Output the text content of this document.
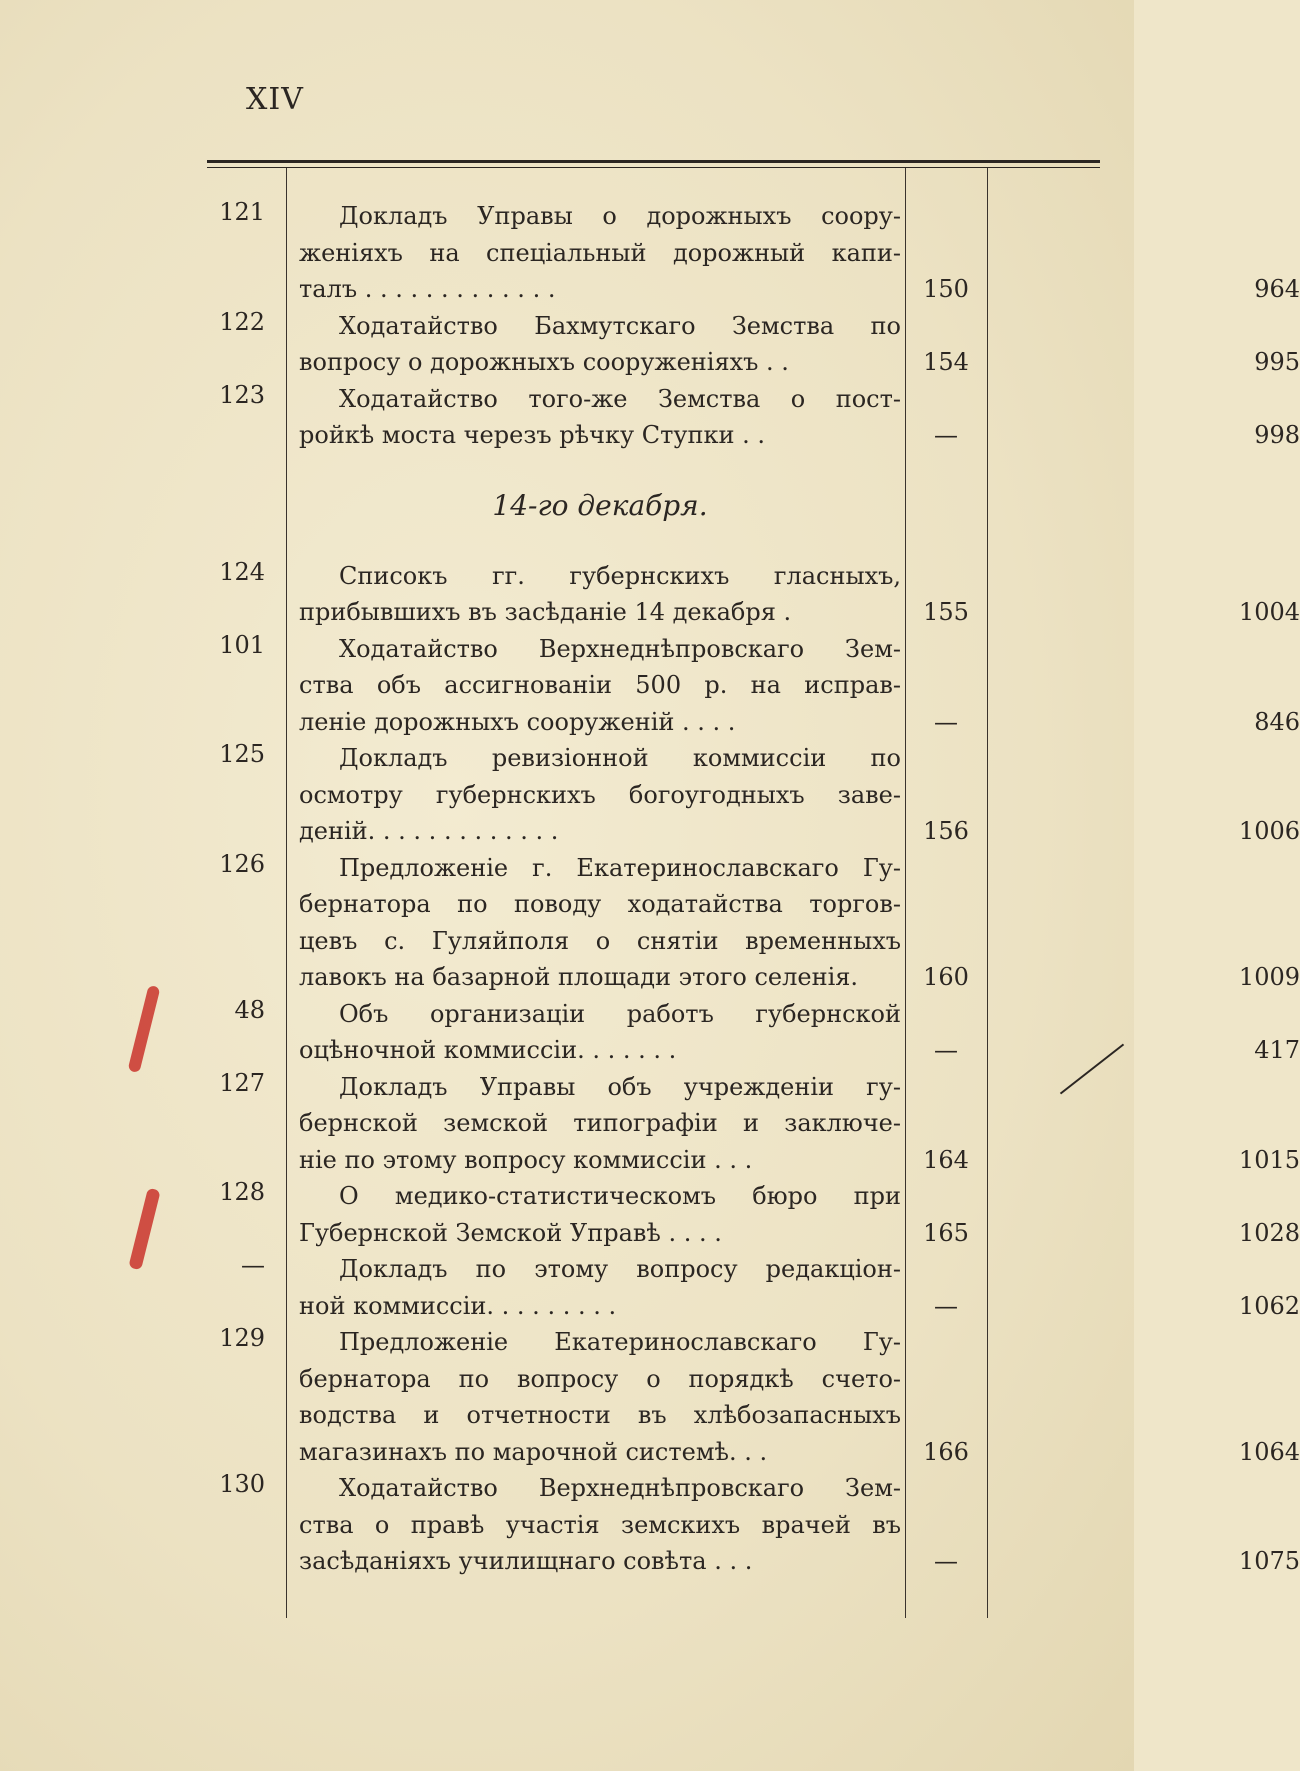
XIV
121	Докладъ Управы о дорожныхъ соору-
женіяхъ на спеціальный дорожный капи-
талъ . . . . . . . . . . . . .	150	964
122	Ходатайство Бахмутскаго Земства по
вопросу о дорожныхъ сооруженіяхъ . .	154	995
123	Ходатайство того-же Земства о пост-
ройкѣ моста черезъ рѣчку Ступки . .	—	998
14-го декабря.
124	Списокъ гг. губернскихъ гласныхъ,
прибывшихъ въ засѣданіе 14 декабря .	155	1004
101	Ходатайство Верхнеднѣпровскаго Зем-
ства объ ассигнованіи 500 р. на исправ-
леніе дорожныхъ сооруженій . . . .	—	846
125	Докладъ ревизіонной коммиссіи по
осмотру губернскихъ богоугодныхъ заве-
деній. . . . . . . . . . . . .	156	1006
126	Предложеніе г. Екатеринославскаго Гу-
бернатора по поводу ходатайства торгов-
цевъ с. Гуляйполя о снятіи временныхъ
лавокъ на базарной площади этого селенія.	160	1009
48	Объ организаціи работъ губернской
оцѣночной коммиссіи. . . . . . .	—	417
127	Докладъ Управы объ учрежденіи гу-
бернской земской типографіи и заключе-
ніе по этому вопросу коммиссіи . . .	164	1015
128	О медико-статистическомъ бюро при
Губернской Земской Управѣ . . . .	165	1028
—	Докладъ по этому вопросу редакціон-
ной коммиссіи. . . . . . . . .	—	1062
129	Предложеніе Екатеринославскаго Гу-
бернатора по вопросу о порядкѣ счето-
водства и отчетности въ хлѣбозапасныхъ
магазинахъ по марочной системѣ. . .	166	1064
130	Ходатайство Верхнеднѣпровскаго Зем-
ства о правѣ участія земскихъ врачей въ
засѣданіяхъ училищнаго совѣта . . .	—	1075
